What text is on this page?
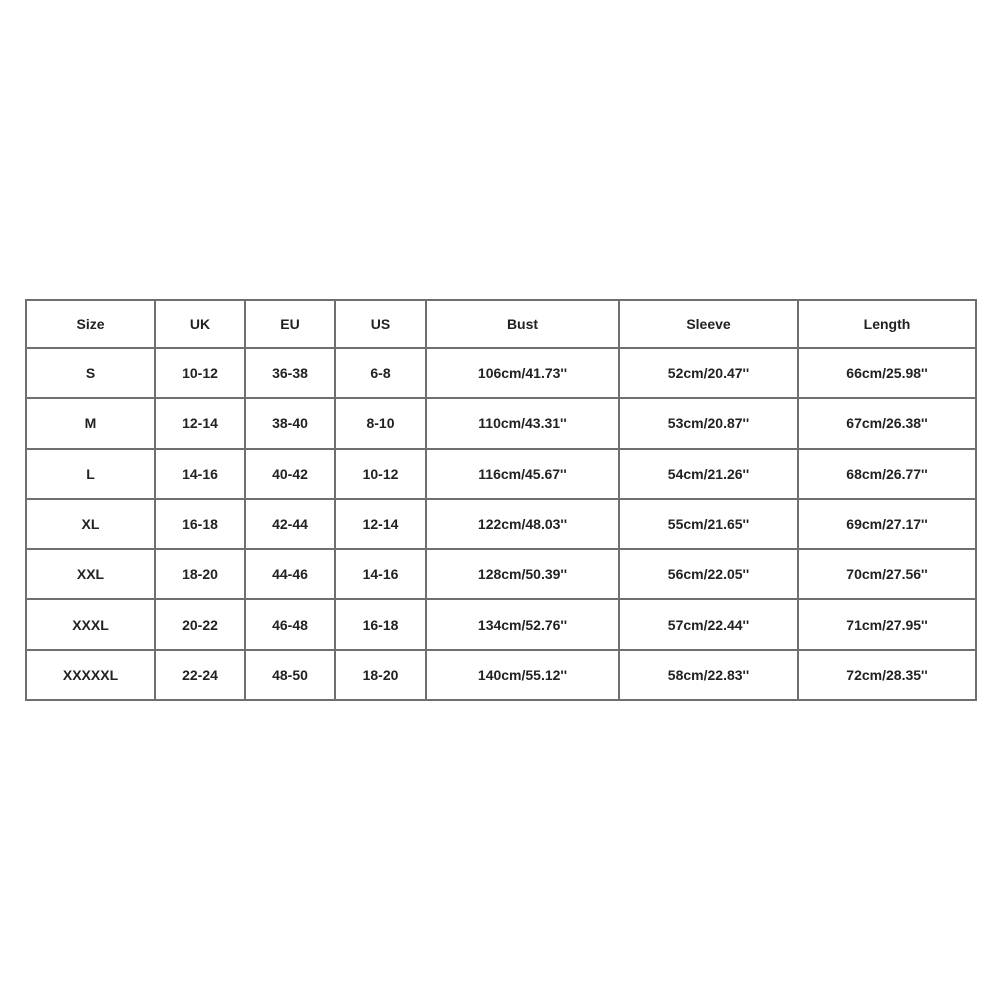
Size	UK	EU	US	Bust	Sleeve	Length
S	10-12	36-38	6-8	106cm/41.73''	52cm/20.47''	66cm/25.98''
M	12-14	38-40	8-10	110cm/43.31''	53cm/20.87''	67cm/26.38''
L	14-16	40-42	10-12	116cm/45.67''	54cm/21.26''	68cm/26.77''
XL	16-18	42-44	12-14	122cm/48.03''	55cm/21.65''	69cm/27.17''
XXL	18-20	44-46	14-16	128cm/50.39''	56cm/22.05''	70cm/27.56''
XXXL	20-22	46-48	16-18	134cm/52.76''	57cm/22.44''	71cm/27.95''
XXXXXL	22-24	48-50	18-20	140cm/55.12''	58cm/22.83''	72cm/28.35''
